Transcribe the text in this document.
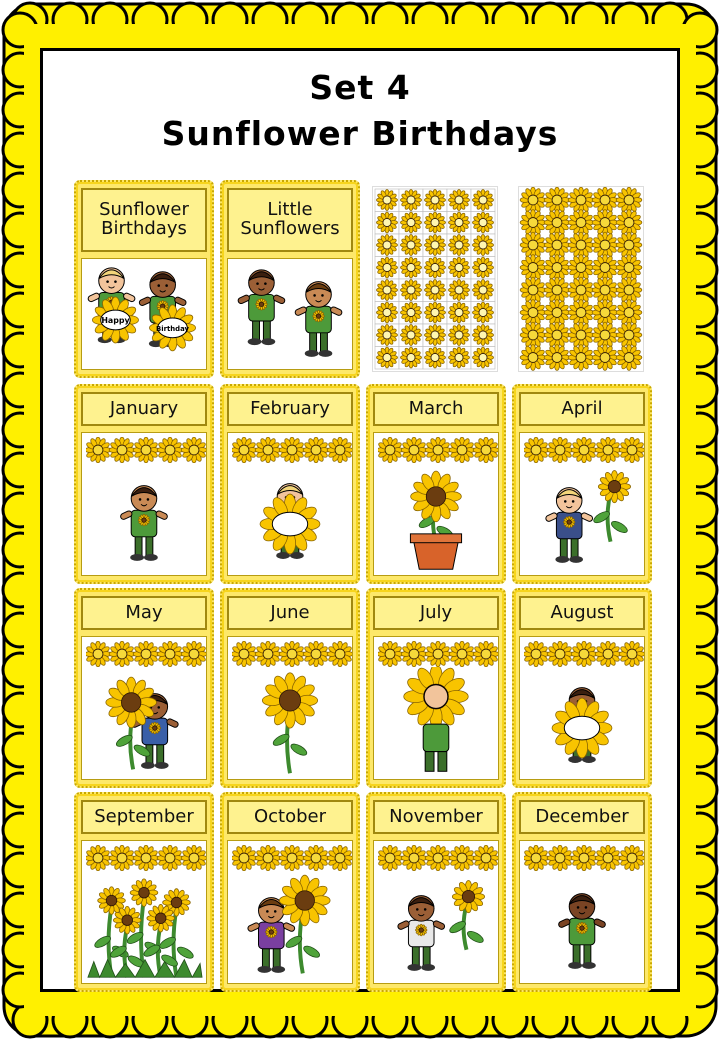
Set 4
Sunflower Birthdays
Sunflower Birthdays
Happy
Birthday
Little Sunflowers
January	February	March	April
May	June	July	August
September	October	November	December
